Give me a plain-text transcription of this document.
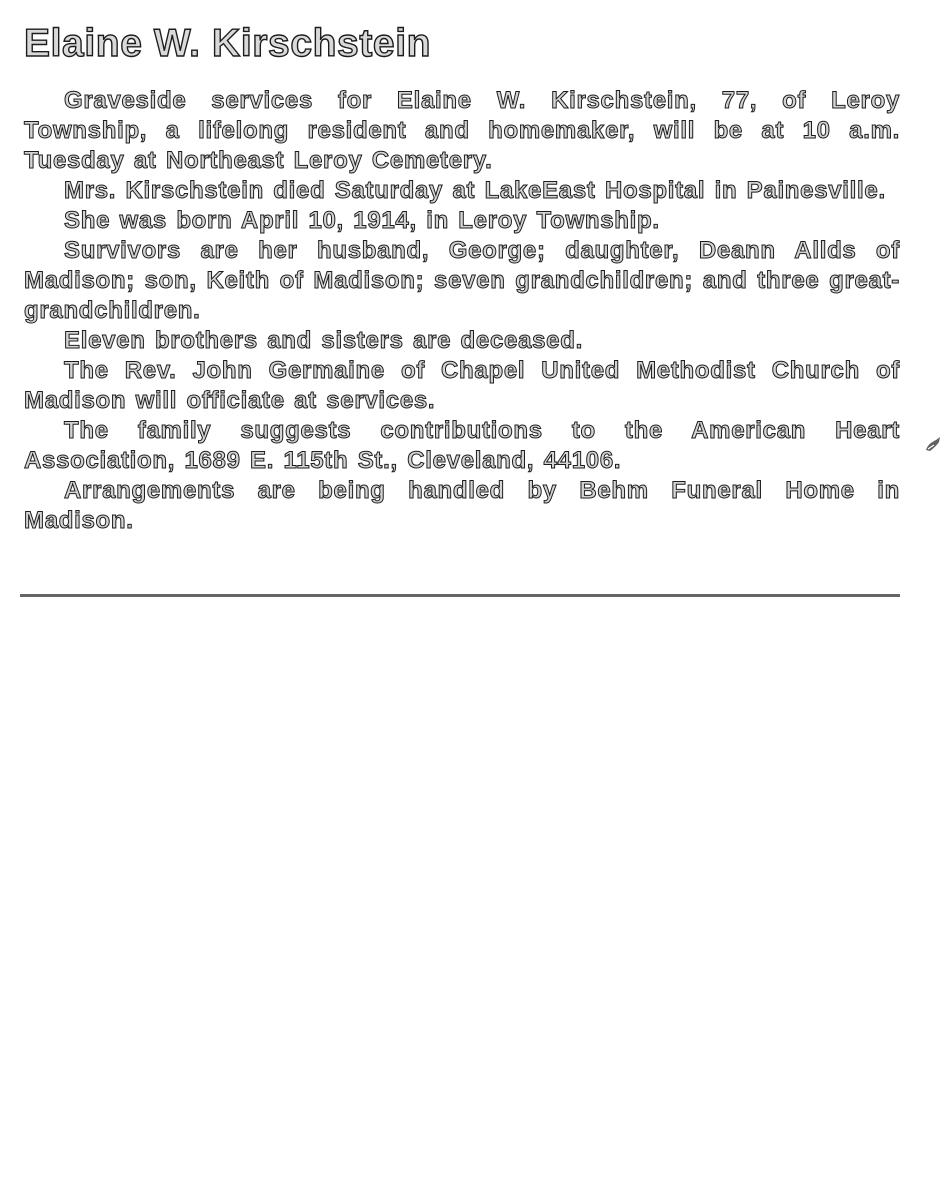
Elaine W. Kirschstein

Graveside services for Elaine W. Kirschstein, 77, of Leroy Township, a lifelong resident and homemaker, will be at 10 a.m. Tuesday at Northeast Leroy Cemetery.

Mrs. Kirschstein died Saturday at LakeEast Hospital in Painesville.

She was born April 10, 1914, in Leroy Township.

Survivors are her husband, George; daughter, Deann Allds of Madison; son, Keith of Madison; seven grandchildren; and three great-grandchildren.

Eleven brothers and sisters are deceased.

The Rev. John Germaine of Chapel United Methodist Church of Madison will officiate at services.

The family suggests contributions to the American Heart Association, 1689 E. 115th St., Cleveland, 44106.

Arrangements are being handled by Behm Funeral Home in Madison.
